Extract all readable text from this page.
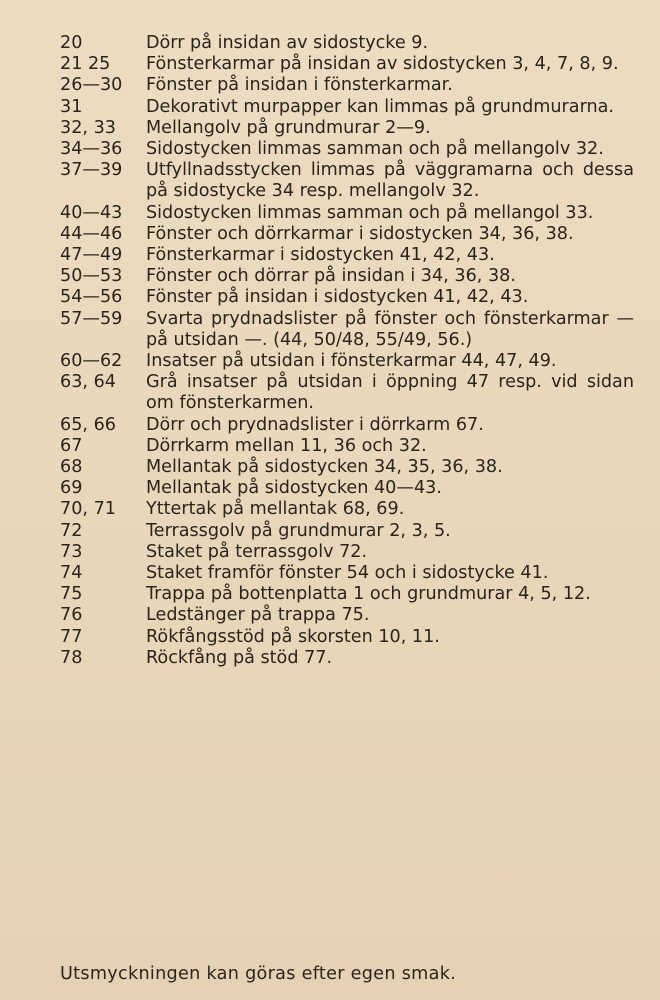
20	Dörr på insidan av sidostycke 9.
21 25	Fönsterkarmar på insidan av sidostycken 3, 4, 7, 8, 9.
26—30	Fönster på insidan i fönsterkarmar.
31	Dekorativt murpapper kan limmas på grundmurarna.
32, 33	Mellangolv på grundmurar 2—9.
34—36	Sidostycken limmas samman och på mellangolv 32.
37—39	Utfyllnadsstycken limmas på väggramarna och dessa på sidostycke 34 resp. mellangolv 32.
40—43	Sidostycken limmas samman och på mellangol 33.
44—46	Fönster och dörrkarmar i sidostycken 34, 36, 38.
47—49	Fönsterkarmar i sidostycken 41, 42, 43.
50—53	Fönster och dörrar på insidan i 34, 36, 38.
54—56	Fönster på insidan i sidostycken 41, 42, 43.
57—59	Svarta prydnadslister på fönster och fönsterkarmar — på utsidan —. (44, 50/48, 55/49, 56.)
60—62	Insatser på utsidan i fönsterkarmar 44, 47, 49.
63, 64	Grå insatser på utsidan i öppning 47 resp. vid sidan om fönsterkarmen.
65, 66	Dörr och prydnadslister i dörrkarm 67.
67	Dörrkarm mellan 11, 36 och 32.
68	Mellantak på sidostycken 34, 35, 36, 38.
69	Mellantak på sidostycken 40—43.
70, 71	Yttertak på mellantak 68, 69.
72	Terrassgolv på grundmurar 2, 3, 5.
73	Staket på terrassgolv 72.
74	Staket framför fönster 54 och i sidostycke 41.
75	Trappa på bottenplatta 1 och grundmurar 4, 5, 12.
76	Ledstänger på trappa 75.
77	Rökfångsstöd på skorsten 10, 11.
78	Röckfång på stöd 77.
Utsmyckningen kan göras efter egen smak.
